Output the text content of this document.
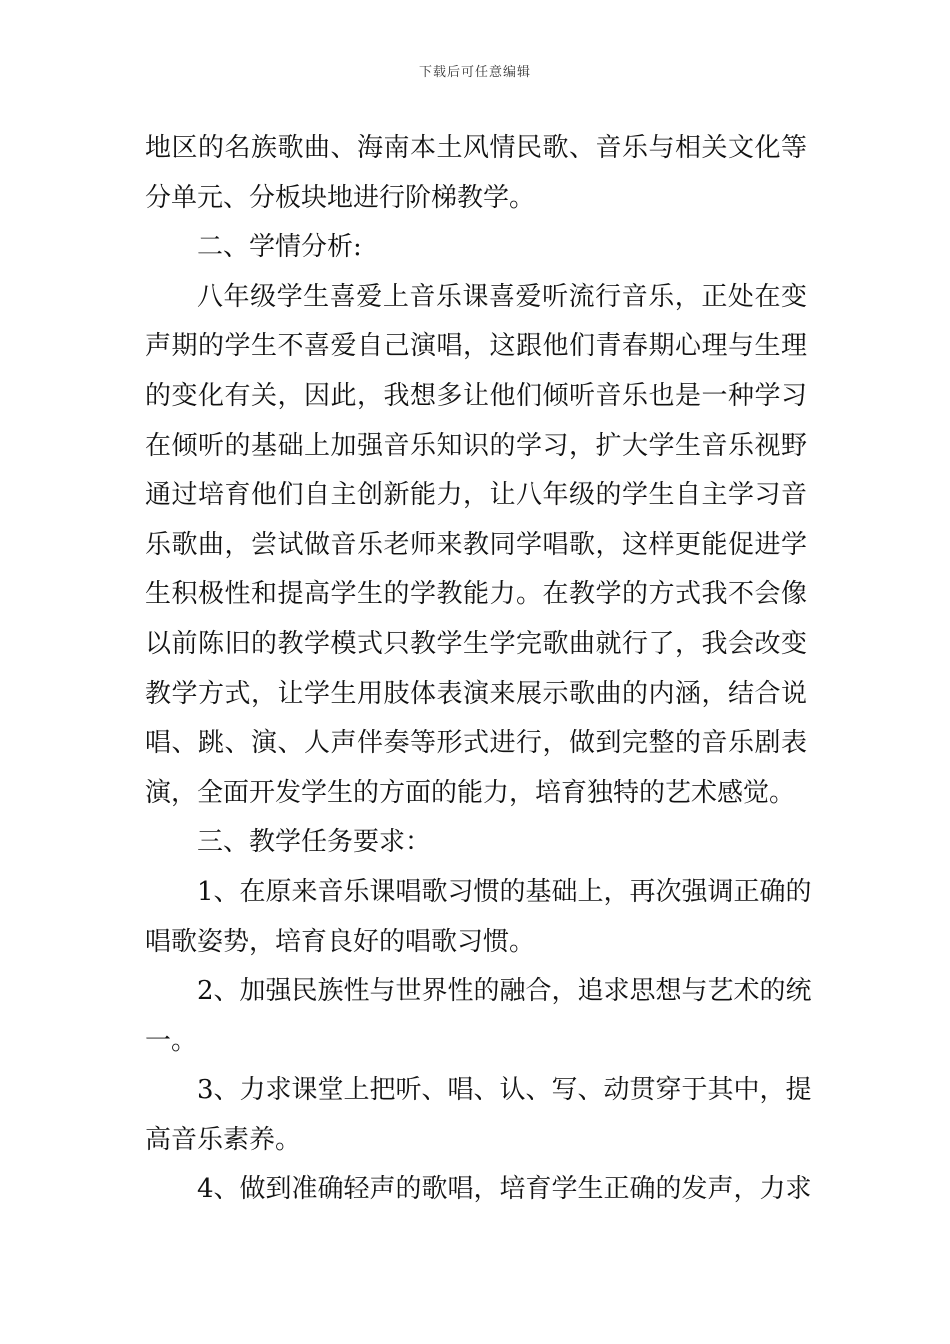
下载后可任意编辑
地区的名族歌曲、海南本土风情民歌、音乐与相关文化等
分单元、分板块地进行阶梯教学。
二、学情分析:
八年级学生喜爱上音乐课喜爱听流行音乐，正处在变
声期的学生不喜爱自己演唱，这跟他们青春期心理与生理
的变化有关，因此，我想多让他们倾听音乐也是一种学习
在倾听的基础上加强音乐知识的学习，扩大学生音乐视野
通过培育他们自主创新能力，让八年级的学生自主学习音
乐歌曲，尝试做音乐老师来教同学唱歌，这样更能促进学
生积极性和提高学生的学教能力。在教学的方式我不会像
以前陈旧的教学模式只教学生学完歌曲就行了，我会改变
教学方式，让学生用肢体表演来展示歌曲的内涵，结合说
唱、跳、演、人声伴奏等形式进行，做到完整的音乐剧表
演，全面开发学生的方面的能力，培育独特的艺术感觉。
三、教学任务要求：
1、在原来音乐课唱歌习惯的基础上，再次强调正确的
唱歌姿势，培育良好的唱歌习惯。
2、加强民族性与世界性的融合，追求思想与艺术的统
一。
3、力求课堂上把听、唱、认、写、动贯穿于其中，提
高音乐素养。
4、做到准确轻声的歌唱，培育学生正确的发声，力求
